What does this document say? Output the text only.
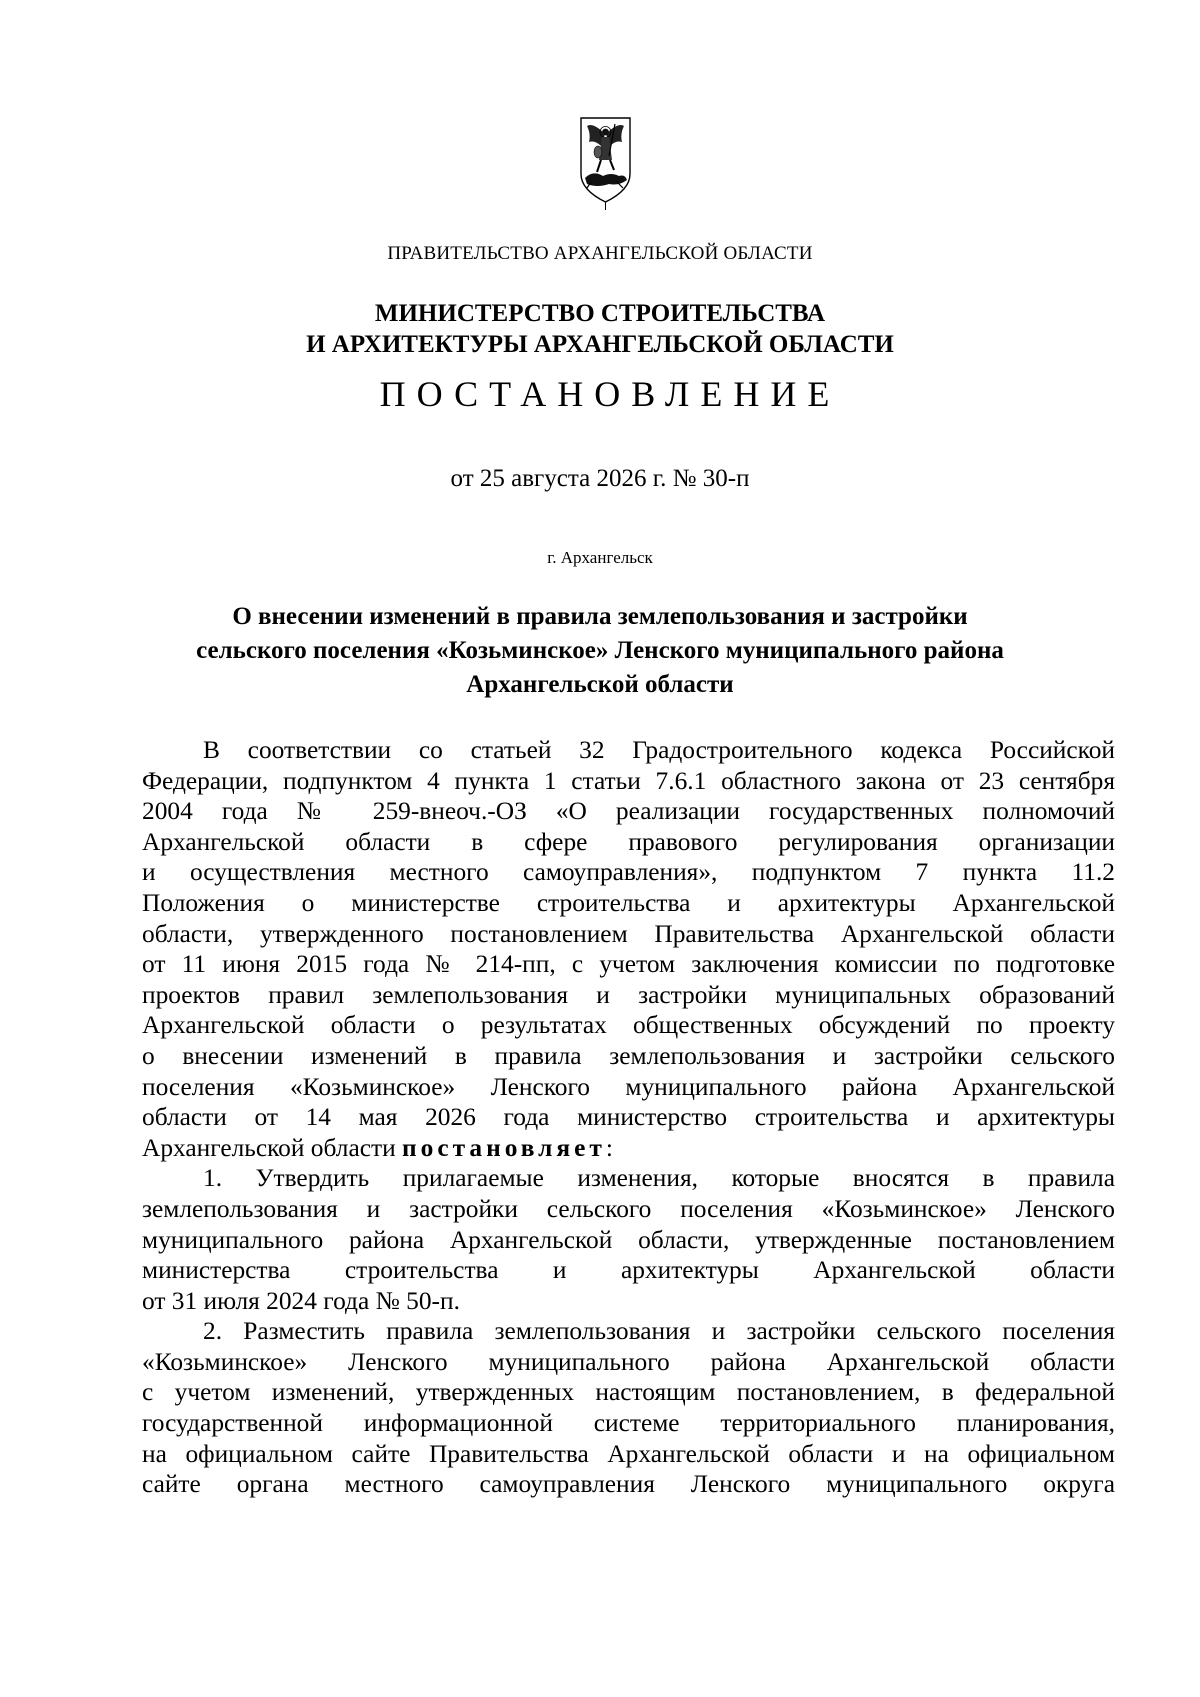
ПРАВИТЕЛЬСТВО АРХАНГЕЛЬСКОЙ ОБЛАСТИ
МИНИСТЕРСТВО СТРОИТЕЛЬСТВА
И АРХИТЕКТУРЫ АРХАНГЕЛЬСКОЙ ОБЛАСТИ
ПОСТАНОВЛЕНИЕ
от 25 августа 2026 г. № 30-п
г. Архангельск
О внесении изменений в правила землепользования и застройки
сельского поселения «Козьминское» Ленского муниципального района
Архангельской области
В соответствии со статьей 32 Градостроительного кодекса Российской
Федерации, подпунктом 4 пункта 1 статьи 7.6.1 областного закона от 23 сентября
2004 года № 259-внеоч.-ОЗ «О реализации государственных полномочий
Архангельской области в сфере правового регулирования организации
и осуществления местного самоуправления», подпунктом 7 пункта 11.2
Положения о министерстве строительства и архитектуры Архангельской
области, утвержденного постановлением Правительства Архангельской области
от 11 июня 2015 года № 214-пп, с учетом заключения комиссии по подготовке
проектов правил землепользования и застройки муниципальных образований
Архангельской области о результатах общественных обсуждений по проекту
о внесении изменений в правила землепользования и застройки сельского
поселения «Козьминское» Ленского муниципального района Архангельской
области от 14 мая 2026 года министерство строительства и архитектуры
Архангельской области постановляет:
1. Утвердить прилагаемые изменения, которые вносятся в правила
землепользования и застройки сельского поселения «Козьминское» Ленского
муниципального района Архангельской области, утвержденные постановлением
министерства строительства и архитектуры Архангельской области
от 31 июля 2024 года № 50-п.
2. Разместить правила землепользования и застройки сельского поселения
«Козьминское» Ленского муниципального района Архангельской области
с учетом изменений, утвержденных настоящим постановлением, в федеральной
государственной информационной системе территориального планирования,
на официальном сайте Правительства Архангельской области и на официальном
сайте органа местного самоуправления Ленского муниципального округа
